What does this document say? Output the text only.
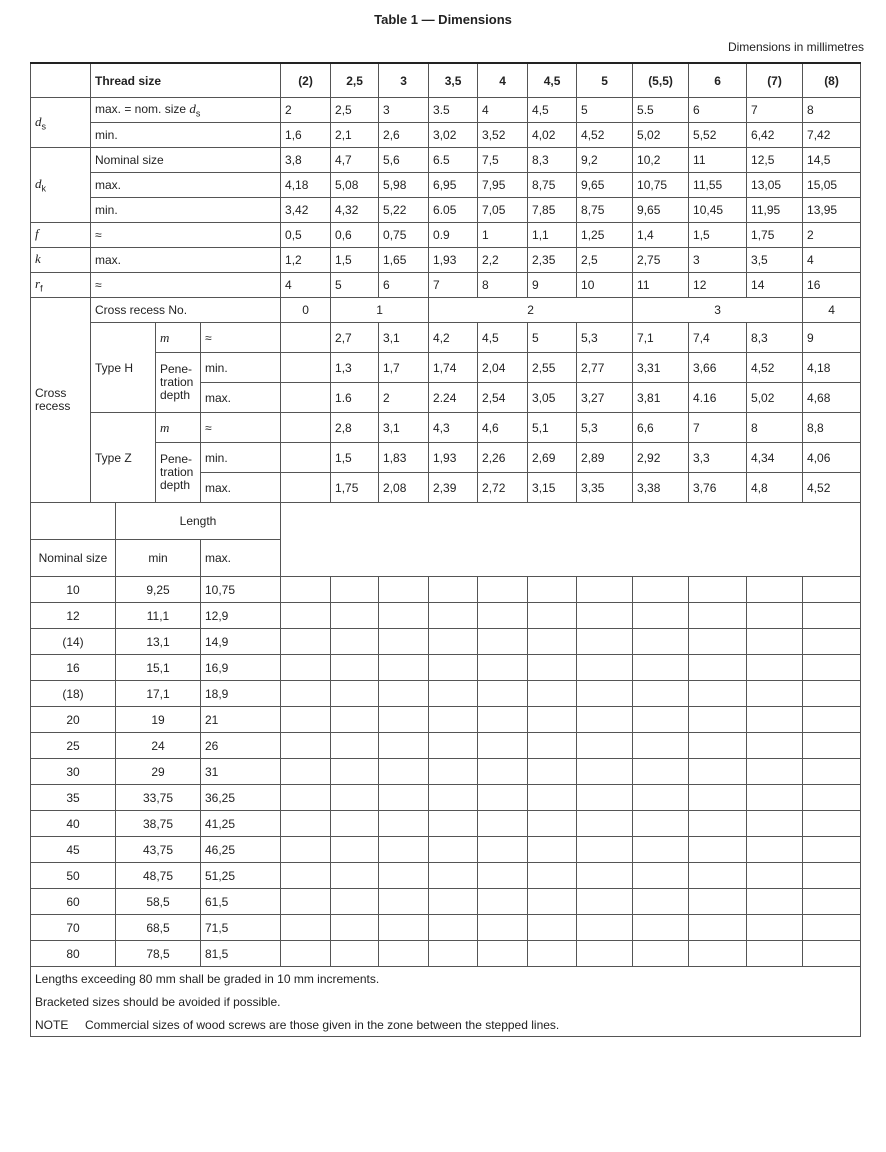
Table 1 — Dimensions
Dimensions in millimetres
	Thread size				(2)	2,5	3	3,5	4	4,5	5	(5,5)	6	(7)	(8)
$d_s$	max. = nom. size $d_s$				2	2,5	3	3.5	4	4,5	5	5.5	6	7	8
	min.				1,6	2,1	2,6	3,02	3,52	4,02	4,52	5,02	5,52	6,42	7,42
$d_k$	Nominal size				3,8	4,7	5,6	6.5	7,5	8,3	9,2	10,2	11	12,5	14,5
	max.				4,18	5,08	5,98	6,95	7,95	8,75	9,65	10,75	11,55	13,05	15,05
	min.				3,42	4,32	5,22	6.05	7,05	7,85	8,75	9,65	10,45	11,95	13,95
f	≈				0,5	0,6	0,75	0.9	1	1,1	1,25	1,4	1,5	1,75	2
k	max.				1,2	1,5	1,65	1,93	2,2	2,35	2,5	2,75	3	3,5	4
$r_f$	≈				4	5	6	7	8	9	10	11	12	14	16
Cross recess	Cross recess No.				0	1		2				3			4
	Type H		m	≈		2,7	3,1	4,2	4,5	5	5,3	7,1	7,4	8,3	9
			Pene-tration depth	min.		1,3	1,7	1,74	2,04	2,55	2,77	3,31	3,66	4,52	4,18
				max.		1.6	2	2.24	2,54	3,05	3,27	3,81	4.16	5,02	4,68
	Type Z		m	≈		2,8	3,1	4,3	4,6	5,1	5,3	6,6	7	8	8,8
			Pene-tration depth	min.		1,5	1,83	1,93	2,26	2,69	2,89	2,92	3,3	4,34	4,06
				max.		1,75	2,08	2,39	2,72	3,15	3,35	3,38	3,76	4,8	4,52
		Length													
Nominal size		min		max.											
10		9,25		10,75											
12		11,1		12,9											
(14)		13,1		14,9											
16		15,1		16,9											
(18)		17,1		18,9											
20		19		21											
25		24		26											
30		29		31											
35		33,75		36,25											
40		38,75		41,25											
45		43,75		46,25											
50		48,75		51,25											
60		58,5		61,5											
70		68,5		71,5											
80		78,5		81,5											
Lengths exceeding 80 mm shall be graded in 10 mm increments.															
Bracketed sizes should be avoided if possible.															
NOTE     Commercial sizes of wood screws are those given in the zone between the stepped lines.															
